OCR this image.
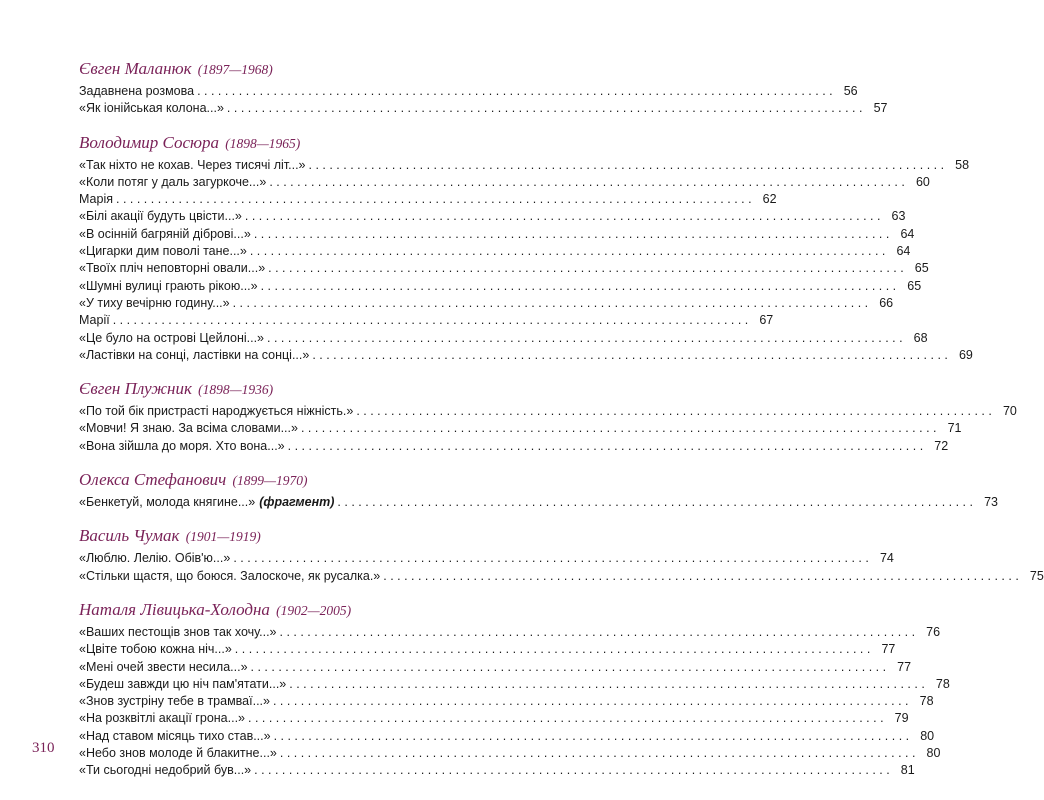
Євген Маланюк (1897—1968)
Задавнена розмова . . .	56
«Як іонійськая колона...» . . .	57
Володимир Сосюра (1898—1965)
«Так ніхто не кохав. Через тисячі літ...» . . .	58
«Коли потяг у даль загуркоче...» . . .	60
Марія . . .	62
«Білі акації будуть цвісти...» . . .	63
«В осінній багряній діброві...» . . .	64
«Цигарки дим поволі тане...» . . .	64
«Твоїх пліч неповторні овали...» . . .	65
«Шумні вулиці грають рікою...» . . .	65
«У тиху вечірню годину...» . . .	66
Марії . . .	67
«Це було на острові Цейлоні...» . . .	68
«Ластівки на сонці, ластівки на сонці...» . . .	69
Євген Плужник (1898—1936)
«По той бік пристрасті народжується ніжність.» . . .	70
«Мовчи! Я знаю. За всіма словами...» . . .	71
«Вона зійшла до моря. Хто вона...» . . .	72
Олекса Стефанович (1899—1970)
«Бенкетуй, молода княгине...» (фрагмент) . . .	73
Василь Чумак (1901—1919)
«Люблю. Лелію. Обів'ю...» . . .	74
«Стільки щастя, що боюся. Залоскоче, як русалка.» . . .	75
Наталя Лівицька-Холодна (1902—2005)
«Ваших пестощів знов так хочу...» . . .	76
«Цвіте тобою кожна ніч...» . . .	77
«Мені очей звести несила...» . . .	77
«Будеш завжди цю ніч пам'ятати...» . . .	78
«Знов зустріну тебе в трамваї...» . . .	78
«На розквітлі акації грона...» . . .	79
«Над ставом місяць тихо став...» . . .	80
«Небо знов молоде й блакитне...» . . .	80
«Ти сьогодні недобрий був...» . . .	81
310
